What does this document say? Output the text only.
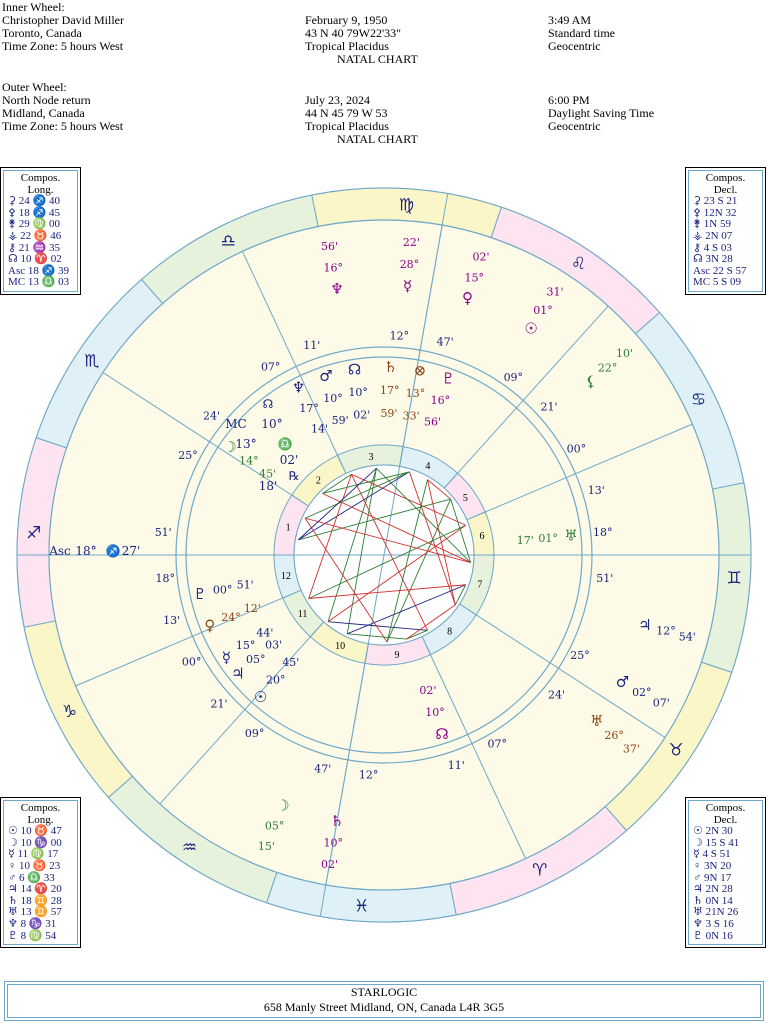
Inner Wheel:
Christopher David Miller
Toronto, Canada
Time Zone: 5 hours West
February 9, 1950
43 N 40 79W22'33"
Tropical Placidus
NATAL CHART
3:49 AM
Standard time
Geocentric
Outer Wheel:
North Node return
Midland, Canada
Time Zone: 5 hours West
July 23, 2024
44 N 45 79 W 53
Tropical Placidus
NATAL CHART
6:00 PM
Daylight Saving Time
Geocentric
♐
♑
♒
♓
♈
♉
♊
♋
♌
♍
♎
♏
1
2
3
4
5
6
7
8
9
10
11
12
18°
51'
25°
24'
07°
11'
12°	47'
09°
21'
00°
13'
18°
51'
25°
24'
07°
11'
12°
47'
09°
21'
00°
13'	♃ 12° 54'
♂
02°
07'
♅
26°
37'
♆
16°
56'
♀
15°
02'
☉
01°
31'
☿
28°
22'
⚸
22°
10'
♄
10°
02'
☽
05°
15'
☽
14°
45'
♆
17°
14'
♂
10°
59'
☊
10°
02'
♄
17°
59'
⊗
13°
33'
♇
16°
56'
♅
01°
17'
♃
05°
03'
☉
20°
45'
☿
15°
44'
♀ 24°
12'
♇ 00° 51'
☊
10°
02'
MC
☊
10°
13° ♎
02'
18'
℞
Asc 18° ♐ 27'
Compos.
Long.
⚳ 24 ♐ 40
⚴ 18 ♐ 45
⚵ 29 ♍ 00
⚶ 22 ♉ 46
⚷ 21 ♒ 35
☊ 10 ♈ 02
Asc 18 ♐ 39
MC 13 ♎ 03
Compos.
Decl.
⚳ 23 S 21
⚴ 12N 32
⚵ 1N 59
⚶ 2N 07
⚷ 4 S 03
☊ 3N 28
Asc 22 S 57
MC 5 S 09
Compos.
Long.
☉ 10 ♉ 47
☽ 10 ♑ 00
☿ 11 ♍ 17
♀ 10 ♉ 23
♂ 6 ♎ 33
♃ 14 ♈ 20
♄ 18 ♊ 28
♅ 13 ♊ 57
♆ 8 ♑ 31
♇ 8 ♍ 54
Compos.
Decl.
☉ 2N 30
☽ 15 S 41
☿ 4 S 51
♀ 3N 20
♂ 9N 17
♃ 2N 28
♄ 0N 14
♅ 21N 26
♆ 3 S 16
♇ 0N 16
STARLOGIC
658 Manly Street Midland, ON, Canada L4R 3G5
